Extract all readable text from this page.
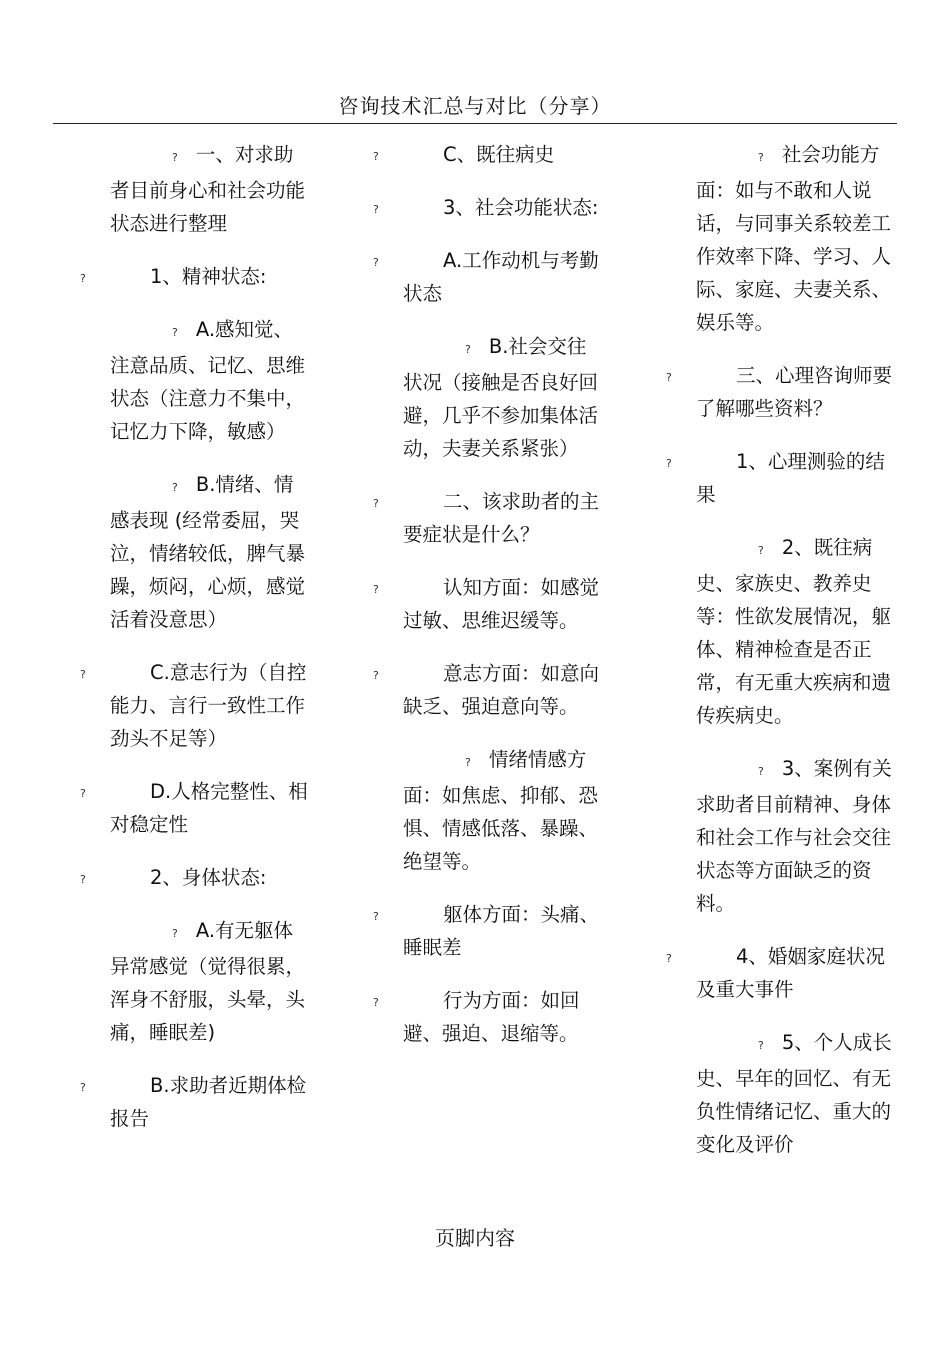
咨询技术汇总与对比（分享）
? 一、对求助者目前身心和社会功能状态进行整理
?	1、精神状态:
? A.感知觉、注意品质、记忆、思维状态（注意力不集中，记忆力下降，敏感）
? B.情绪、情感表现 (经常委屈，哭泣，情绪较低，脾气暴躁，烦闷，心烦，感觉活着没意思）
?	C.意志行为（自控能力、言行一致性工作劲头不足等）
?	D.人格完整性、相对稳定性
?	2、身体状态:
? A.有无躯体异常感觉（觉得很累，浑身不舒服，头晕，头痛，睡眠差)
?	B.求助者近期体检报告
?	C、既往病史
?	3、社会功能状态:
?	A.工作动机与考勤状态
? B.社会交往状况（接触是否良好回避，几乎不参加集体活动，夫妻关系紧张）
?	二、该求助者的主要症状是什么？
?	认知方面：如感觉过敏、思维迟缓等。
?	意志方面：如意向缺乏、强迫意向等。
? 情绪情感方面：如焦虑、抑郁、恐惧、情感低落、暴躁、绝望等。
?	躯体方面：头痛、睡眠差
?	行为方面：如回避、强迫、退缩等。
? 社会功能方面：如与不敢和人说话，与同事关系较差工作效率下降、学习、人际、家庭、夫妻关系、娱乐等。
?	三、心理咨询师要了解哪些资料？
?	1、心理测验的结果
? 2、既往病史、家族史、教养史等：性欲发展情况，躯体、精神检查是否正常，有无重大疾病和遗传疾病史。
? 3、案例有关求助者目前精神、身体和社会工作与社会交往状态等方面缺乏的资料。
?	4、婚姻家庭状况及重大事件
? 5、个人成长史、早年的回忆、有无负性情绪记忆、重大的变化及评价
页脚内容
